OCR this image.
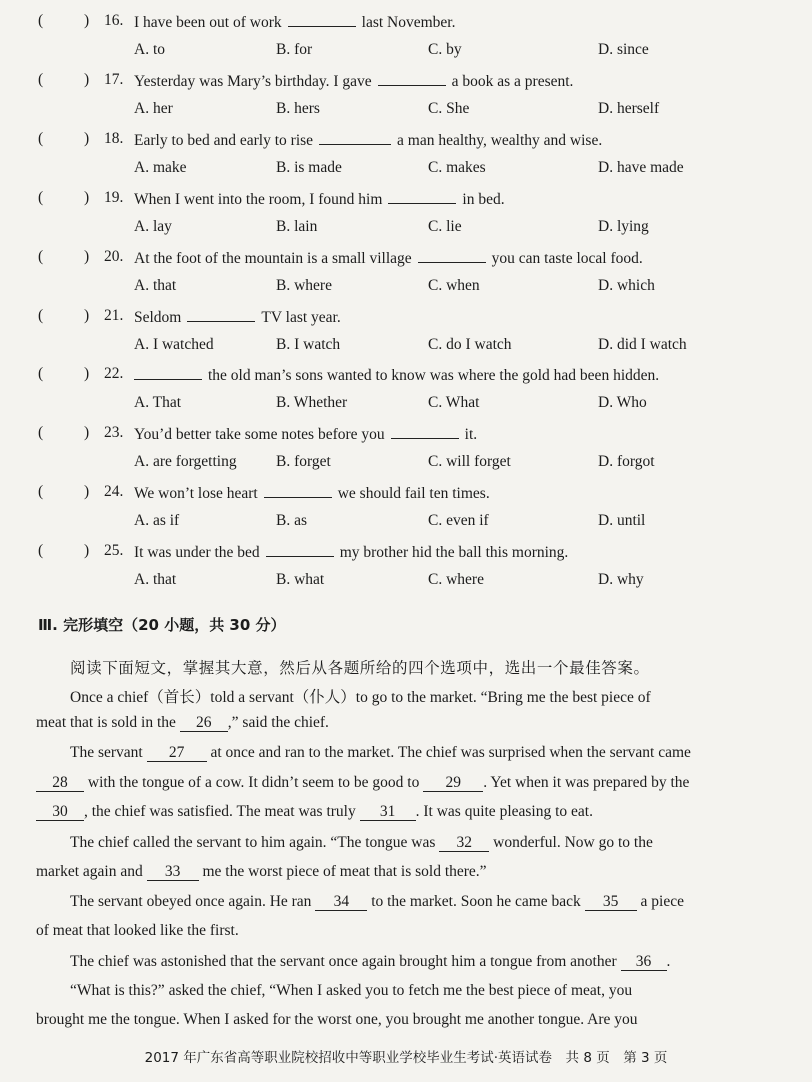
(	) 16. I have been out of work	last November.
A. to	B. for	C. by	D. since
(	) 17. Yesterday was Mary’s birthday. I gave	a book as a present.
A. her	B. hers	C. She	D. herself
(	) 18. Early to bed and early to rise	a man healthy, wealthy and wise.
A. make	B. is made	C. makes	D. have made
(	) 19. When I went into the room, I found him	in bed.
A. lay	B. lain	C. lie	D. lying
(	) 20. At the foot of the mountain is a small village	you can taste local food.
A. that	B. where	C. when	D. which
(	) 21. Seldom	TV last year.
A. I watched	B. I watch	C. do I watch	D. did I watch
(	) 22.	the old man’s sons wanted to know was where the gold had been hidden.
A. That	B. Whether	C. What	D. Who
(	) 23. You’d better take some notes before you	it.
A. are forgetting	B. forget	C. will forget	D. forgot
(	) 24. We won’t lose heart	we should fail ten times.
A. as if	B. as	C. even if	D. until
(	) 25. It was under the bed	my brother hid the ball this morning.
A. that	B. what	C. where	D. why
Ⅲ. 完形填空（20 小题，共 30 分）
阅读下面短文，掌握其大意，然后从各题所给的四个选项中，选出一个最佳答案。
Once a chief（首长）told a servant（仆人）to go to the market. “Bring me the best piece of
meat that is sold in the 26 ,” said the chief.
The servant 27 at once and ran to the market. The chief was surprised when the servant came
28 with the tongue of a cow. It didn’t seem to be good to 29 . Yet when it was prepared by the
30 , the chief was satisfied. The meat was truly 31 . It was quite pleasing to eat.
The chief called the servant to him again. “The tongue was 32 wonderful. Now go to the
market again and 33 me the worst piece of meat that is sold there.”
The servant obeyed once again. He ran 34 to the market. Soon he came back 35 a piece
of meat that looked like the first.
The chief was astonished that the servant once again brought him a tongue from another 36 .
“What is this?” asked the chief, “When I asked you to fetch me the best piece of meat, you
brought me the tongue. When I asked for the worst one, you brought me another tongue. Are you
2017 年广东省高等职业院校招收中等职业学校毕业生考试·英语试卷　共 8 页　第 3 页
